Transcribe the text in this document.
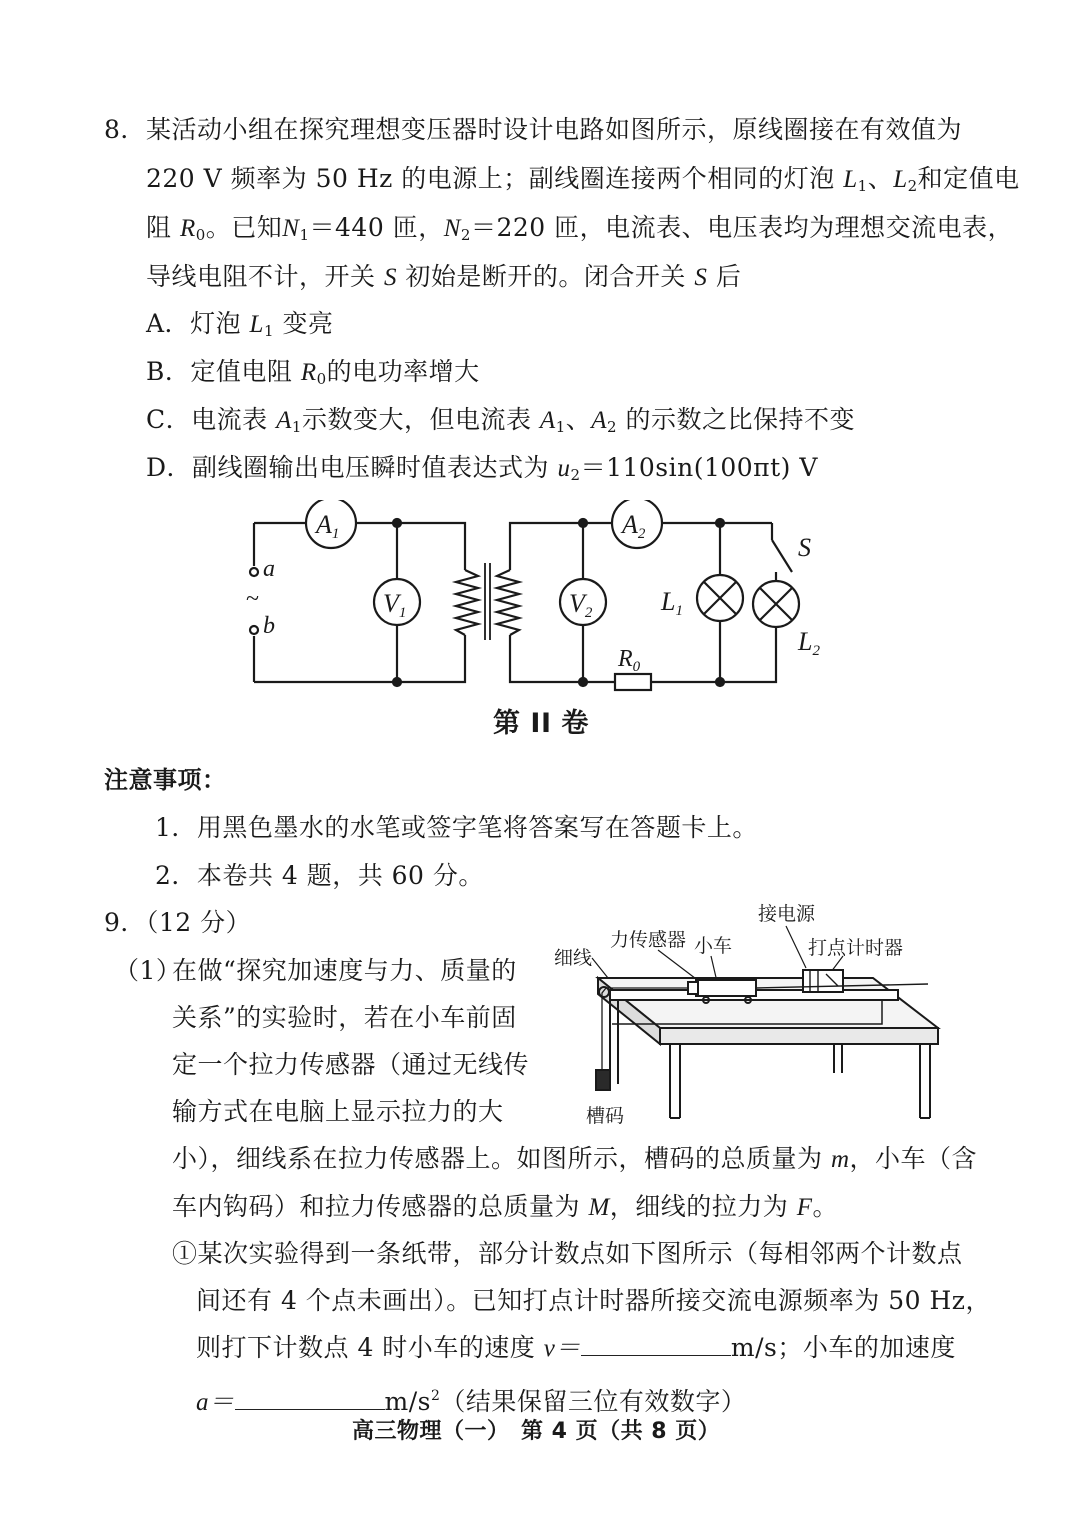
8． 某活动小组在探究理想变压器时设计电路如图所示，原线圈接在有效值为
220 V 频率为 50 Hz 的电源上；副线圈连接两个相同的灯泡 $L_1$、$L_2$和定值电
阻 $R_0$。已知$N_1=440$ 匝，$N_2=220$ 匝，电流表、电压表均为理想交流电表，
导线电阻不计，开关 S 初始是断开的。闭合开关 S 后
A．灯泡 $L_1$ 变亮
B．定值电阻 $R_0$的电功率增大
C．电流表 $A_1$示数变大，但电流表 $A_1$、$A_2$ 的示数之比保持不变
D．副线圈输出电压瞬时值表达式为 $u_2=110\sin(100\pi t)$ V
A1
V1
a
b
~
A2
V2
$R_0$
L1
S
L2
第 II 卷
注意事项：
1．用黑色墨水的水笔或签字笔将答案写在答题卡上。
2．本卷共 4 题，共 60 分。
9．（12 分）
（1）
在做“探究加速度与力、质量的
关系”的实验时，若在小车前固
定一个拉力传感器（通过无线传
输方式在电脑上显示拉力的大
小），细线系在拉力传感器上。如图所示，槽码的总质量为 m，小车（含
车内钩码）和拉力传感器的总质量为 M，细线的拉力为 F。
①某次实验得到一条纸带，部分计数点如下图所示（每相邻两个计数点
间还有 4 个点未画出）。已知打点计时器所接交流电源频率为 50 Hz，
则打下计数点 4 时小车的速度 v＝	m/s；小车的加速度
a＝	$m/s^2$（结果保留三位有效数字）
接电源
力传感器 小车
细线	打点计时器
槽码
高三物理（一）　第 4 页（共 8 页）
